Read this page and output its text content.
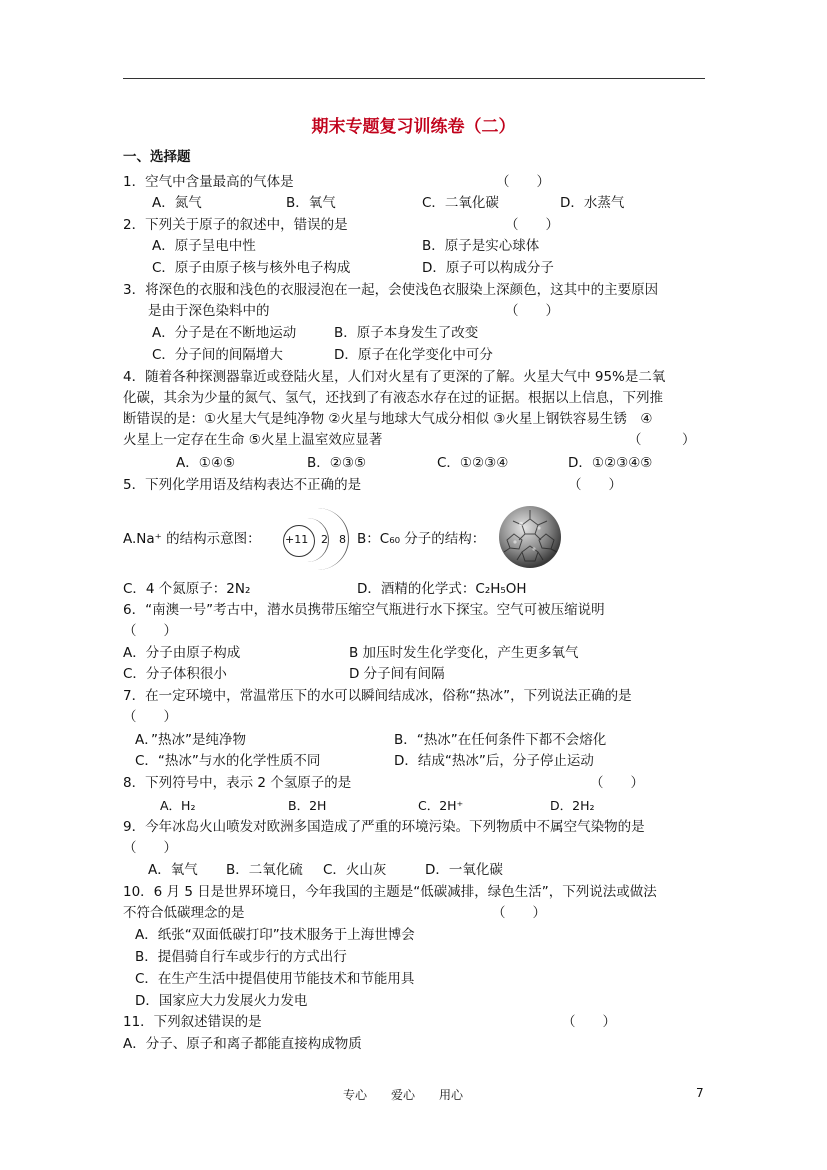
期末专题复习训练卷（二）
一、选择题
1．空气中含量最高的气体是	（　　）
A．氮气	B．氧气	C．二氧化碳	D．水蒸气
2．下列关于原子的叙述中，错误的是	（　　）
A．原子呈电中性	B．原子是实心球体
C．原子由原子核与核外电子构成	D．原子可以构成分子
3．将深色的衣服和浅色的衣服浸泡在一起，会使浅色衣服染上深颜色，这其中的主要原因
是由于深色染料中的	（　　）
A．分子是在不断地运动	B．原子本身发生了改变
C．分子间的间隔增大	D．原子在化学变化中可分
4．随着各种探测器靠近或登陆火星，人们对火星有了更深的了解。火星大气中 95%是二氧
化碳，其余为少量的氮气、氢气，还找到了有液态水存在过的证据。根据以上信息，下列推
断错误的是：①火星大气是纯净物 ②火星与地球大气成分相似 ③火星上钢铁容易生锈　④
火星上一定存在生命 ⑤火星上温室效应显著	（　　　）
A．①④⑤	B．②③⑤	C．①②③④	D．①②③④⑤
5．下列化学用语及结构表达不正确的是	（　　）
A.Na⁺ 的结构示意图： +11 2 8 B：C₆₀ 分子的结构：
C．4 个氮原子：2N₂	D．酒精的化学式：C₂H₅OH
6．“南澳一号”考古中，潜水员携带压缩空气瓶进行水下探宝。空气可被压缩说明
（　　）
A．分子由原子构成	B 加压时发生化学变化，产生更多氧气
C．分子体积很小	D 分子间有间隔
7．在一定环境中，常温常压下的水可以瞬间结成冰，俗称“热冰”，下列说法正确的是
（　　）
A．”热冰”是纯净物	B．“热冰”在任何条件下都不会熔化
C．“热冰”与水的化学性质不同	D．结成“热冰”后，分子停止运动
8．下列符号中，表示 2 个氢原子的是	（　　）
A．H₂	B．2H	C．2H⁺	D．2H₂
9．今年冰岛火山喷发对欧洲多国造成了严重的环境污染。下列物质中不属空气染物的是
（　　）
A．氧气 B．二氧化硫 C．火山灰	D．一氧化碳
10．6 月 5 日是世界环境日，今年我国的主题是“低碳减排，绿色生活”，下列说法或做法
不符合低碳理念的是	（　　）
A．纸张“双面低碳打印”技术服务于上海世博会
B．提倡骑自行车或步行的方式出行
C．在生产生活中提倡使用节能技术和节能用具
D．国家应大力发展火力发电
11．下列叙述错误的是	（　　）
A．分子、原子和离子都能直接构成物质
专心　　爱心　　用心	7
